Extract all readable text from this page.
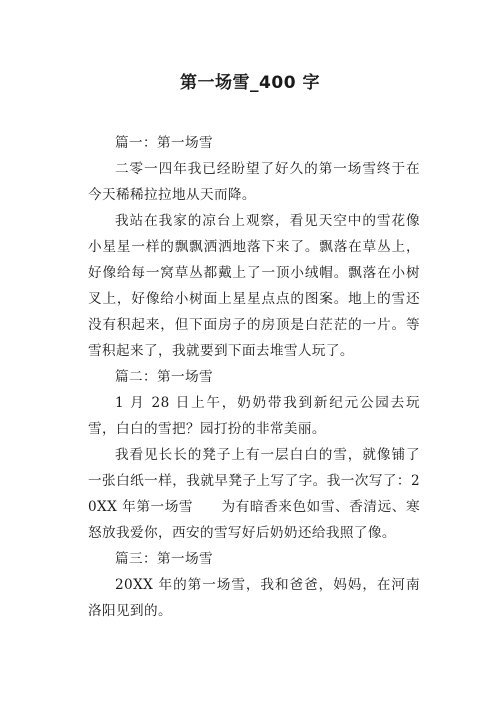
第一场雪_400 字

篇一：第一场雪

二零一四年我已经盼望了好久的第一场雪终于在今天稀稀拉拉地从天而降。

我站在我家的凉台上观察，看见天空中的雪花像小星星一样的飘飘洒洒地落下来了。飘落在草丛上，好像给每一窝草丛都戴上了一顶小绒帽。飘落在小树叉上，好像给小树面上星星点点的图案。地上的雪还没有积起来，但下面房子的房顶是白茫茫的一片。等雪积起来了，我就要到下面去堆雪人玩了。

篇二：第一场雪

1 月 28 日上午，奶奶带我到新纪元公园去玩雪，白白的雪把？园打扮的非常美丽。

我看见长长的凳子上有一层白白的雪，就像铺了一张白纸一样，我就早凳子上写了字。我一次写了：20XX 年第一场雪　　为有暗香来色如雪、香清远、寒怒放我爱你，西安的雪写好后奶奶还给我照了像。

篇三：第一场雪

20XX 年的第一场雪，我和爸爸，妈妈，在河南洛阳见到的。
